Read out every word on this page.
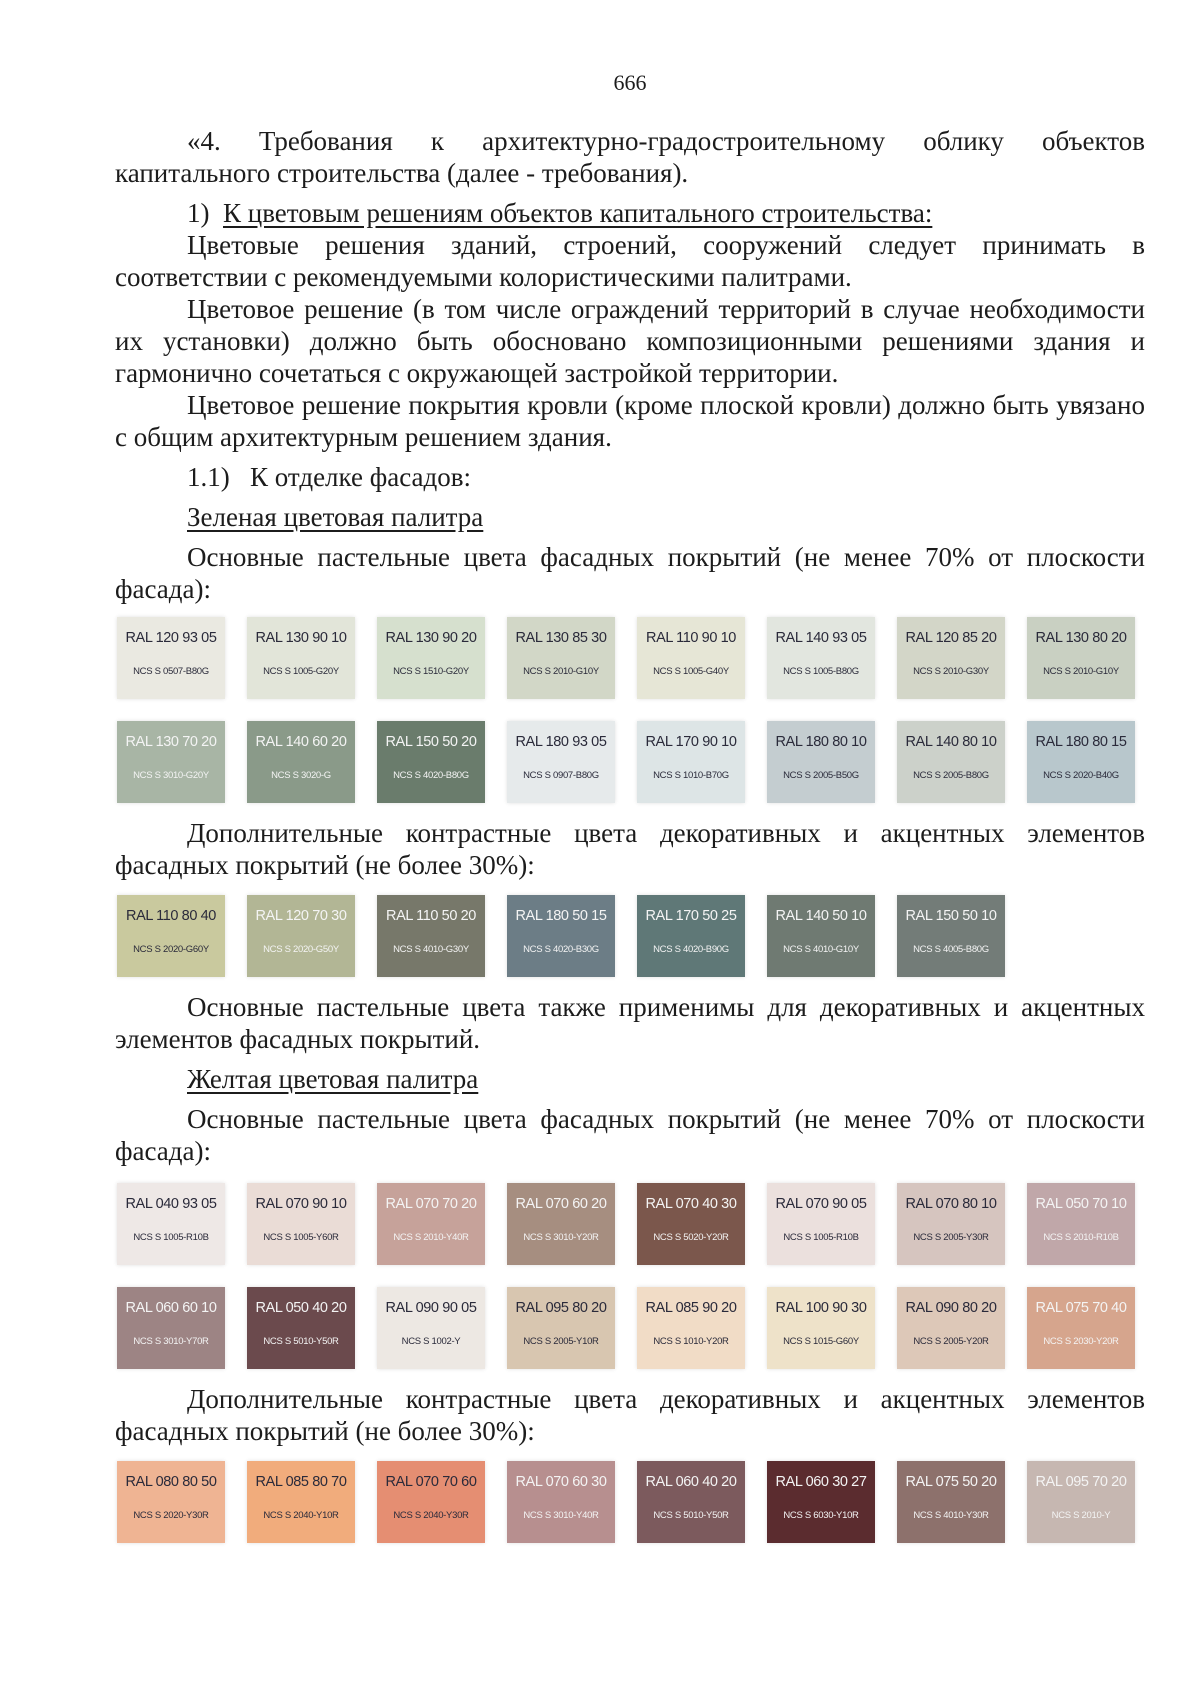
666

«4. Требования к архитектурно-градостроительному облику объектов капитального строительства (далее - требования).

1) К цветовым решениям объектов капитального строительства:

Цветовые решения зданий, строений, сооружений следует принимать в соответствии с рекомендуемыми колористическими палитрами.

Цветовое решение (в том числе ограждений территорий в случае необходимости их установки) должно быть обосновано композиционными решениями здания и гармонично сочетаться с окружающей застройкой территории.

Цветовое решение покрытия кровли (кроме плоской кровли) должно быть увязано с общим архитектурным решением здания.

1.1)   К отделке фасадов:

Зеленая цветовая палитра

Основные пастельные цвета фасадных покрытий (не менее 70% от плоскости фасада):

RAL 120 93 05
NCS S 0507-B80G
RAL 130 90 10
NCS S 1005-G20Y
RAL 130 90 20
NCS S 1510-G20Y
RAL 130 85 30
NCS S 2010-G10Y
RAL 110 90 10
NCS S 1005-G40Y
RAL 140 93 05
NCS S 1005-B80G
RAL 120 85 20
NCS S 2010-G30Y
RAL 130 80 20
NCS S 2010-G10Y
RAL 130 70 20
NCS S 3010-G20Y
RAL 140 60 20
NCS S 3020-G
RAL 150 50 20
NCS S 4020-B80G
RAL 180 93 05
NCS S 0907-B80G
RAL 170 90 10
NCS S 1010-B70G
RAL 180 80 10
NCS S 2005-B50G
RAL 140 80 10
NCS S 2005-B80G
RAL 180 80 15
NCS S 2020-B40G

Дополнительные контрастные цвета декоративных и акцентных элементов фасадных покрытий (не более 30%):

RAL 110 80 40
NCS S 2020-G60Y
RAL 120 70 30
NCS S 2020-G50Y
RAL 110 50 20
NCS S 4010-G30Y
RAL 180 50 15
NCS S 4020-B30G
RAL 170 50 25
NCS S 4020-B90G
RAL 140 50 10
NCS S 4010-G10Y
RAL 150 50 10
NCS S 4005-B80G

Основные пастельные цвета также применимы для декоративных и акцентных элементов фасадных покрытий.

Желтая цветовая палитра

Основные пастельные цвета фасадных покрытий (не менее 70% от плоскости фасада):

RAL 040 93 05
NCS S 1005-R10B
RAL 070 90 10
NCS S 1005-Y60R
RAL 070 70 20
NCS S 2010-Y40R
RAL 070 60 20
NCS S 3010-Y20R
RAL 070 40 30
NCS S 5020-Y20R
RAL 070 90 05
NCS S 1005-R10B
RAL 070 80 10
NCS S 2005-Y30R
RAL 050 70 10
NCS S 2010-R10B
RAL 060 60 10
NCS S 3010-Y70R
RAL 050 40 20
NCS S 5010-Y50R
RAL 090 90 05
NCS S 1002-Y
RAL 095 80 20
NCS S 2005-Y10R
RAL 085 90 20
NCS S 1010-Y20R
RAL 100 90 30
NCS S 1015-G60Y
RAL 090 80 20
NCS S 2005-Y20R
RAL 075 70 40
NCS S 2030-Y20R

Дополнительные контрастные цвета декоративных и акцентных элементов фасадных покрытий (не более 30%):

RAL 080 80 50
NCS S 2020-Y30R
RAL 085 80 70
NCS S 2040-Y10R
RAL 070 70 60
NCS S 2040-Y30R
RAL 070 60 30
NCS S 3010-Y40R
RAL 060 40 20
NCS S 5010-Y50R
RAL 060 30 27
NCS S 6030-Y10R
RAL 075 50 20
NCS S 4010-Y30R
RAL 095 70 20
NCS S 2010-Y
